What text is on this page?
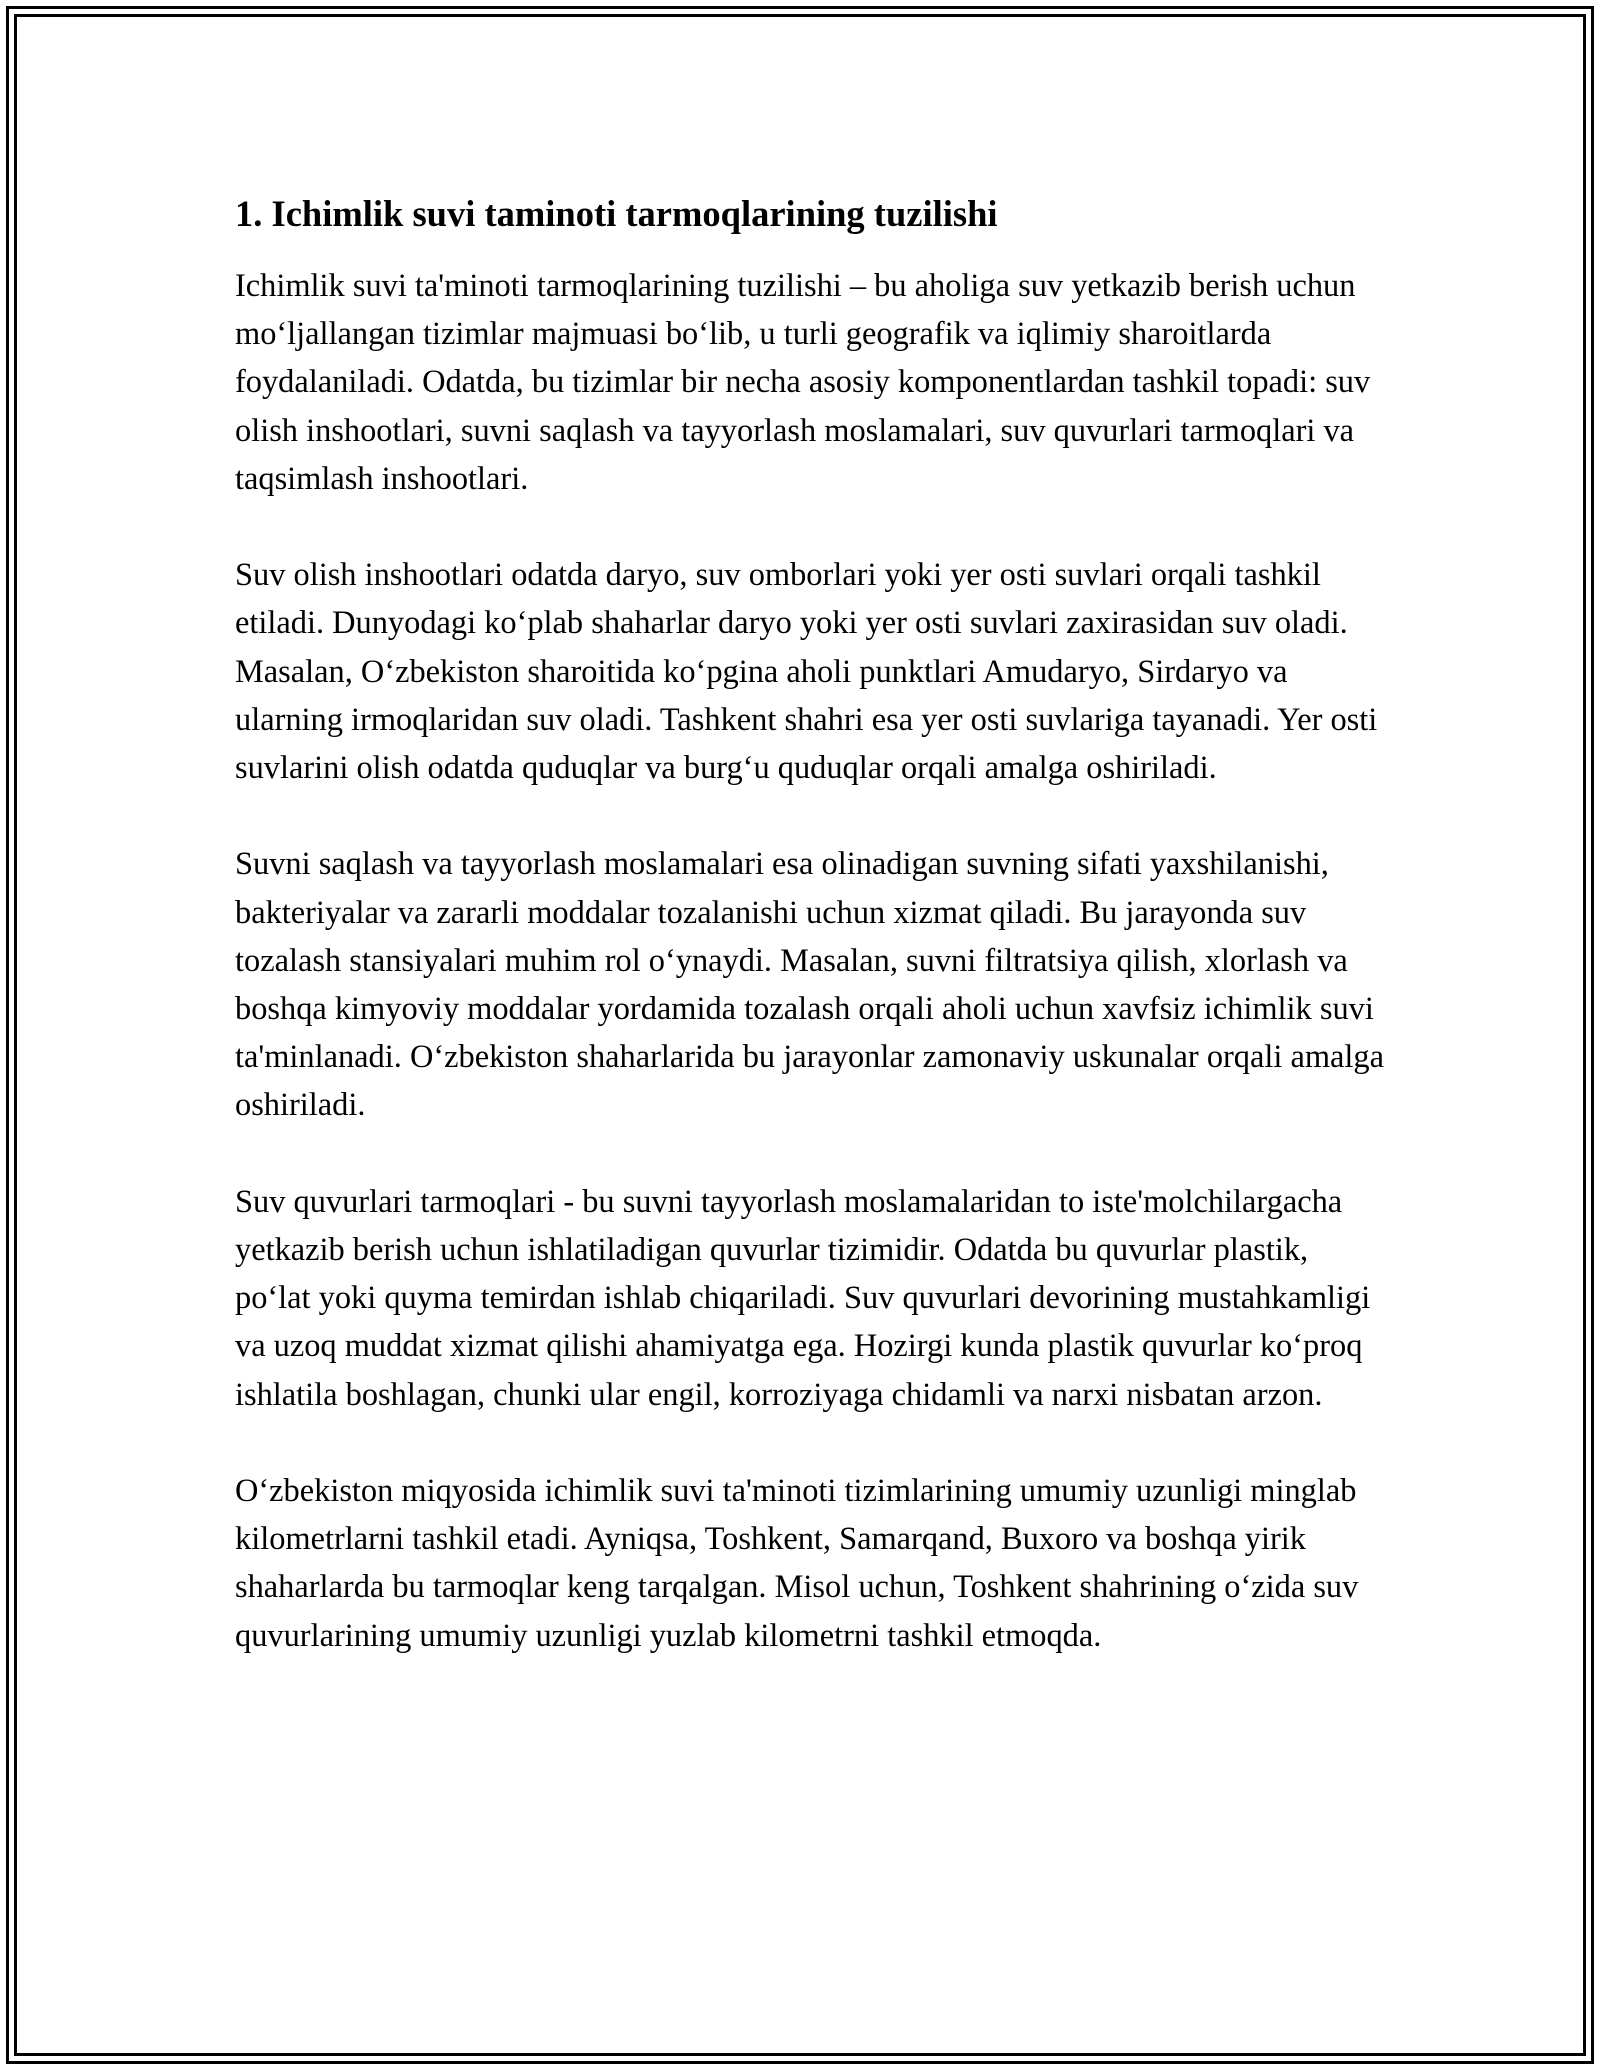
1. Ichimlik suvi taminoti tarmoqlarining tuzilishi

Ichimlik suvi ta'minoti tarmoqlarining tuzilishi – bu aholiga suv yetkazib berish uchun mo‘ljallangan tizimlar majmuasi bo‘lib, u turli geografik va iqlimiy sharoitlarda foydalaniladi. Odatda, bu tizimlar bir necha asosiy komponentlardan tashkil topadi: suv olish inshootlari, suvni saqlash va tayyorlash moslamalari, suv quvurlari tarmoqlari va taqsimlash inshootlari.

Suv olish inshootlari odatda daryo, suv omborlari yoki yer osti suvlari orqali tashkil etiladi. Dunyodagi ko‘plab shaharlar daryo yoki yer osti suvlari zaxirasidan suv oladi. Masalan, O‘zbekiston sharoitida ko‘pgina aholi punktlari Amudaryo, Sirdaryo va ularning irmoqlaridan suv oladi. Tashkent shahri esa yer osti suvlariga tayanadi. Yer osti suvlarini olish odatda quduqlar va burg‘u quduqlar orqali amalga oshiriladi.

Suvni saqlash va tayyorlash moslamalari esa olinadigan suvning sifati yaxshilanishi, bakteriyalar va zararli moddalar tozalanishi uchun xizmat qiladi. Bu jarayonda suv tozalash stansiyalari muhim rol o‘ynaydi. Masalan, suvni filtratsiya qilish, xlorlash va boshqa kimyoviy moddalar yordamida tozalash orqali aholi uchun xavfsiz ichimlik suvi ta'minlanadi. O‘zbekiston shaharlarida bu jarayonlar zamonaviy uskunalar orqali amalga oshiriladi.

Suv quvurlari tarmoqlari - bu suvni tayyorlash moslamalaridan to iste'molchilargacha yetkazib berish uchun ishlatiladigan quvurlar tizimidir. Odatda bu quvurlar plastik, po‘lat yoki quyma temirdan ishlab chiqariladi. Suv quvurlari devorining mustahkamligi va uzoq muddat xizmat qilishi ahamiyatga ega. Hozirgi kunda plastik quvurlar ko‘proq ishlatila boshlagan, chunki ular engil, korroziyaga chidamli va narxi nisbatan arzon.

O‘zbekiston miqyosida ichimlik suvi ta'minoti tizimlarining umumiy uzunligi minglab kilometrlarni tashkil etadi. Ayniqsa, Toshkent, Samarqand, Buxoro va boshqa yirik shaharlarda bu tarmoqlar keng tarqalgan. Misol uchun, Toshkent shahrining o‘zida suv quvurlarining umumiy uzunligi yuzlab kilometrni tashkil etmoqda.
